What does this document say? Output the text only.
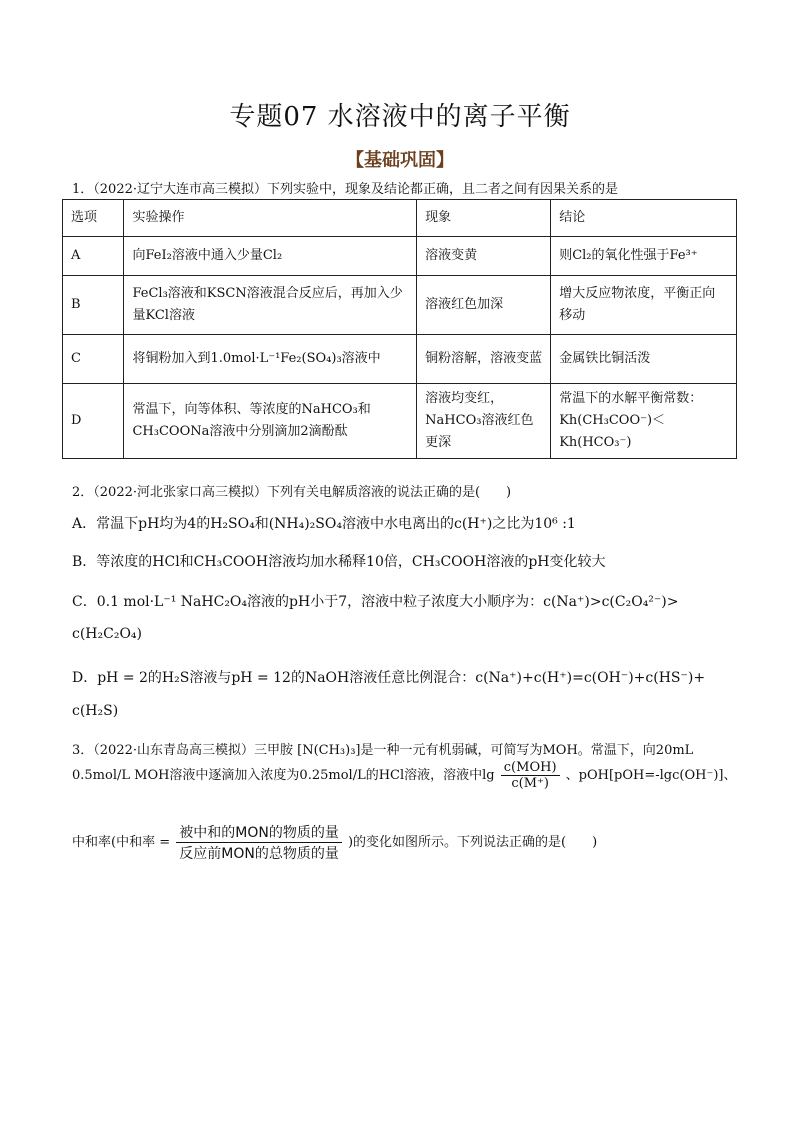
专题07 水溶液中的离子平衡
【基础巩固】
1．（2022·辽宁大连市高三模拟）下列实验中，现象及结论都正确，且二者之间有因果关系的是
选项	实验操作	现象	结论
A	向FeI₂溶液中通入少量Cl₂	溶液变黄	则Cl₂的氧化性强于Fe³⁺
B	FeCl₃溶液和KSCN溶液混合反应后，再加入少量KCl溶液	溶液红色加深	增大反应物浓度，平衡正向移动
C	将铜粉加入到1.0mol·L⁻¹Fe₂(SO₄)₃溶液中	铜粉溶解，溶液变蓝	金属铁比铜活泼
D	常温下，向等体积、等浓度的NaHCO₃和CH₃COONa溶液中分别滴加2滴酚酞	溶液均变红，NaHCO₃溶液红色更深	常温下的水解平衡常数：Kh(CH₃COO⁻)＜Kh(HCO₃⁻)
2．（2022·河北张家口高三模拟）下列有关电解质溶液的说法正确的是(　　)
A．常温下pH均为4的H₂SO₄和(NH₄)₂SO₄溶液中水电离出的c(H⁺)之比为10⁶ :1
B．等浓度的HCl和CH₃COOH溶液均加水稀释10倍，CH₃COOH溶液的pH变化较大
C．0.1 mol·L⁻¹ NaHC₂O₄溶液的pH小于7，溶液中粒子浓度大小顺序为：c(Na⁺)>c(C₂O₄²⁻)>
c(H₂C₂O₄)
D．pH = 2的H₂S溶液与pH = 12的NaOH溶液任意比例混合：c(Na⁺)+c(H⁺)=c(OH⁻)+c(HS⁻)+
c(H₂S)
3．（2022·山东青岛高三模拟）三甲胺 [N(CH₃)₃]是一种一元有机弱碱，可简写为MOH。常温下，向20mL
0.5mol/L MOH溶液中逐滴加入浓度为0.25mol/L的HCl溶液，溶液中$\lg \frac{\text{c(MOH)}}{c(M^+)}$ 、pOH[pOH=-lgc(OH⁻)]、
中和率(中和率 = $\frac{\text{被中和的MON的物质的量}}{\text{反应前MON的总物质的量}}$ )的变化如图所示。下列说法正确的是(　　)
